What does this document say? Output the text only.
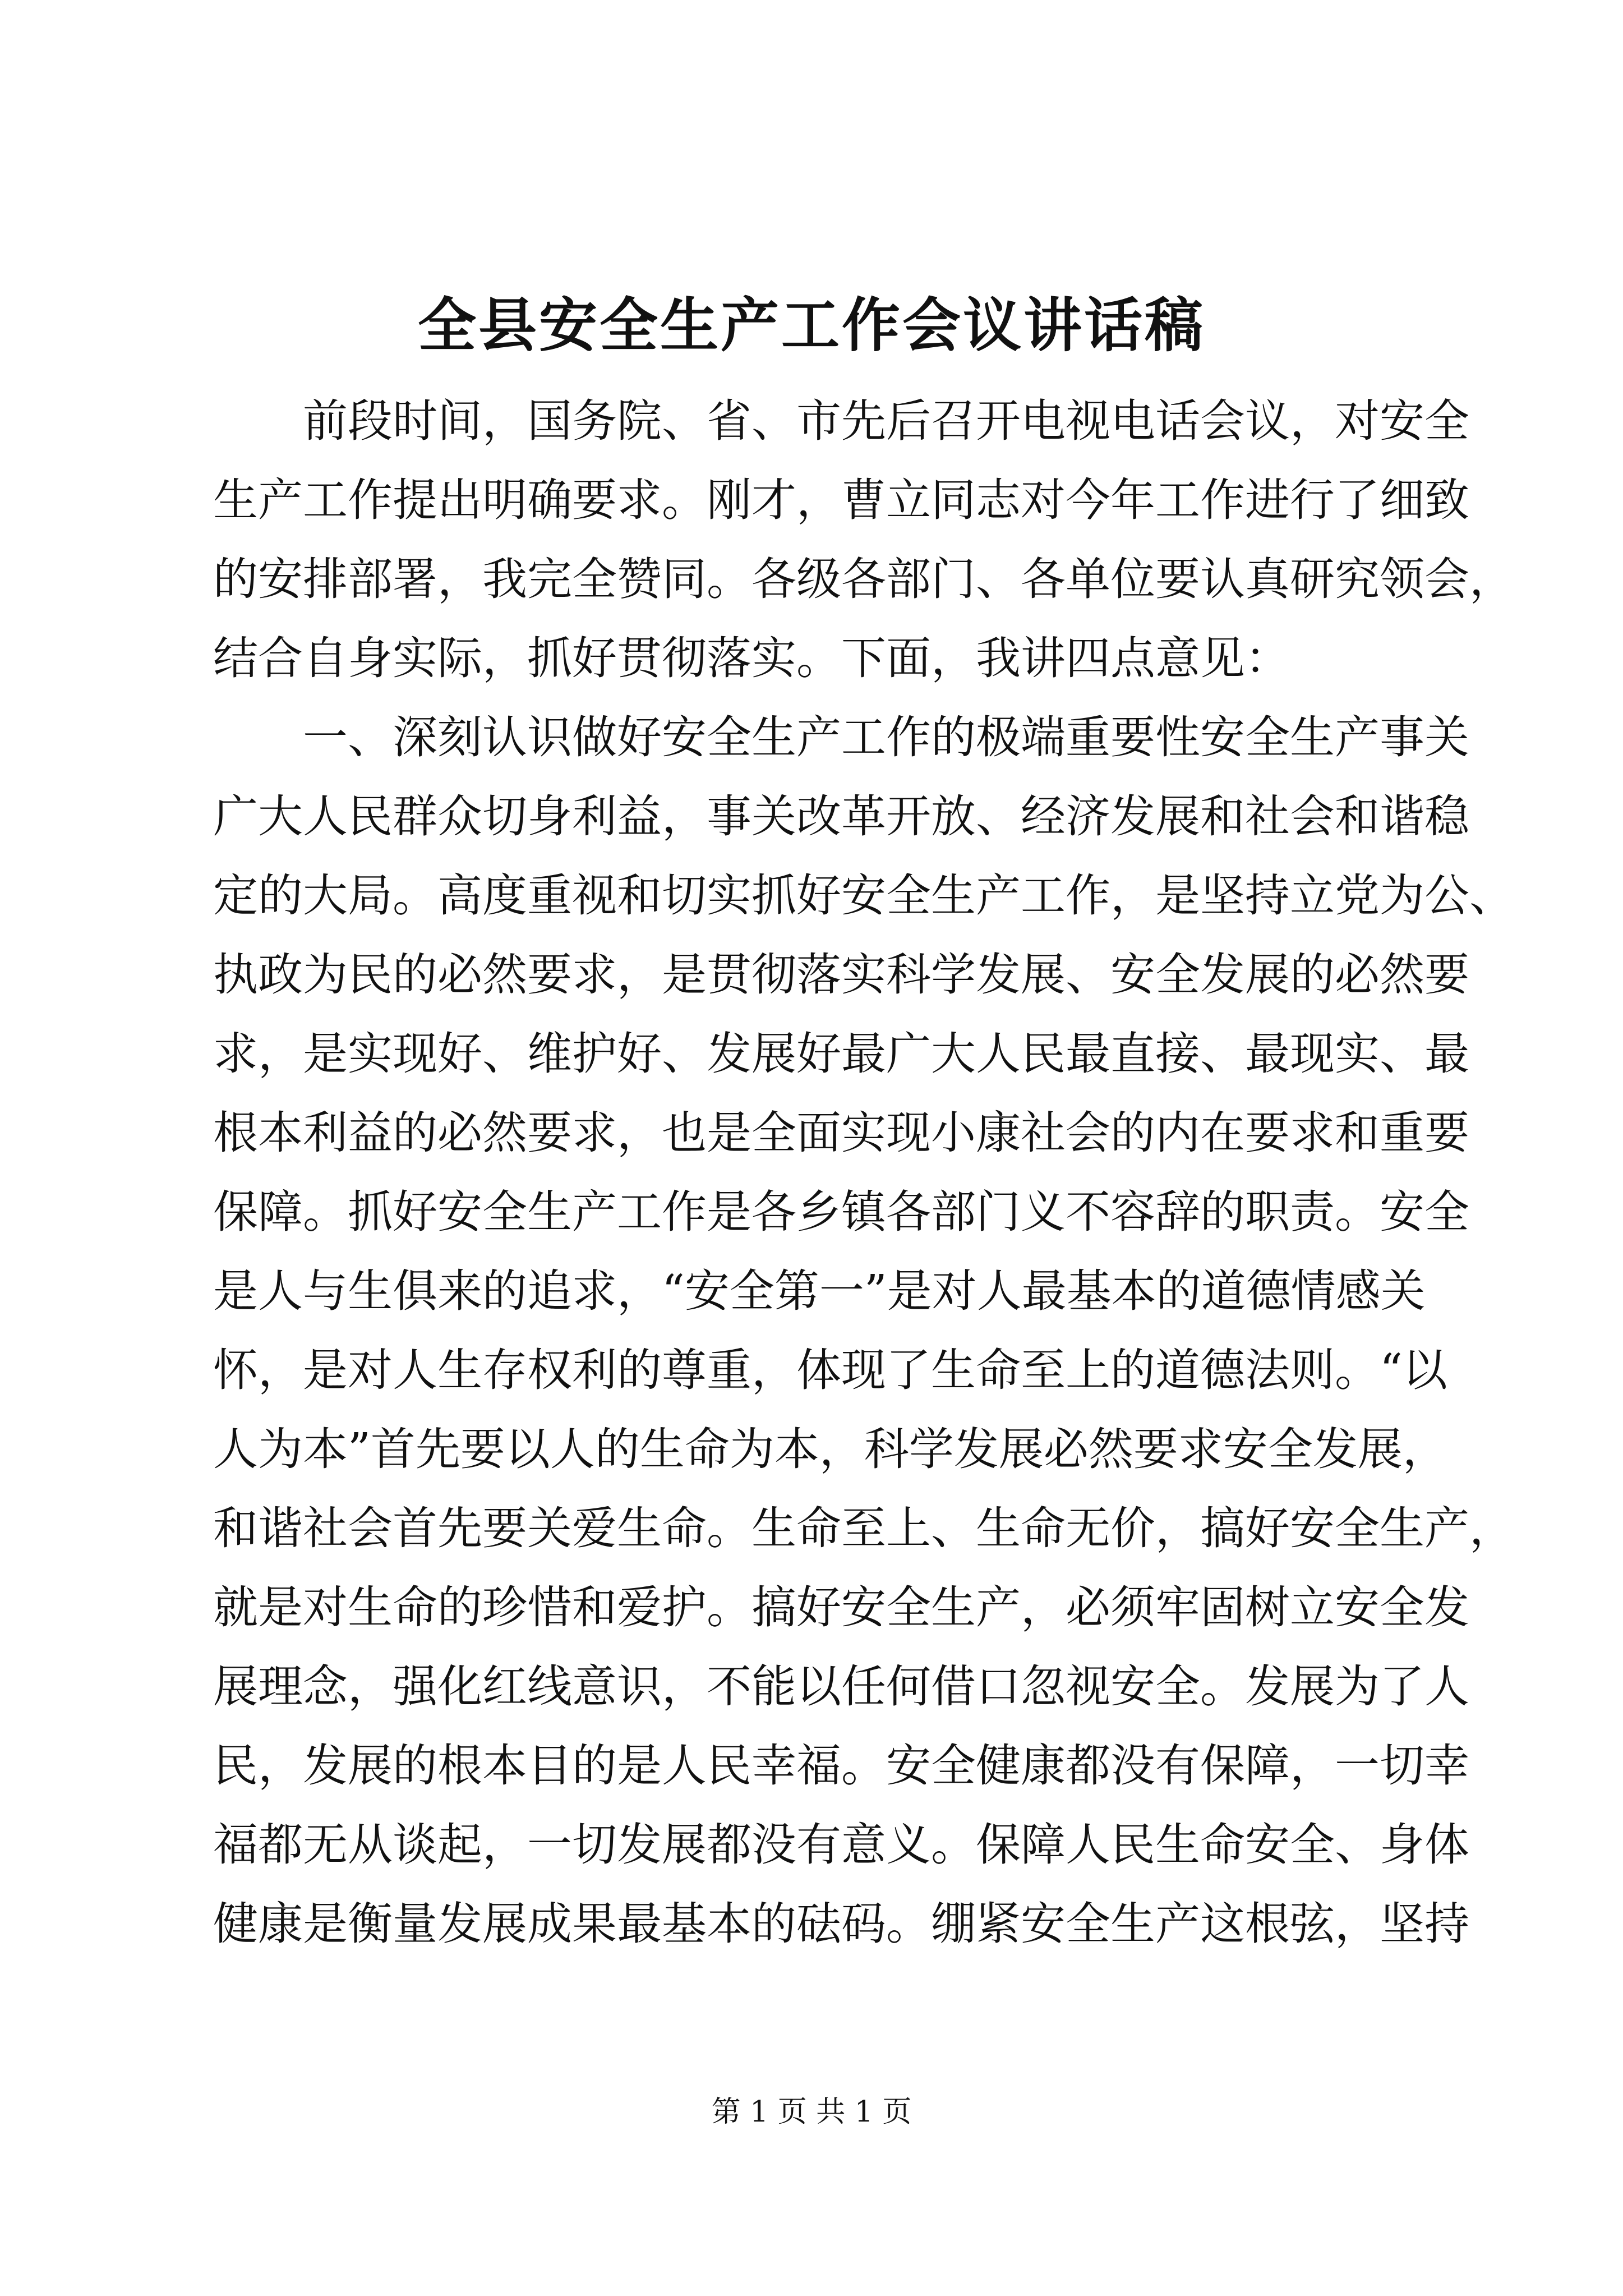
全县安全生产工作会议讲话稿
　　前段时间，国务院、省、市先后召开电视电话会议，对安全
生产工作提出明确要求。刚才，曹立同志对今年工作进行了细致
的安排部署，我完全赞同。各级各部门、各单位要认真研究领会，
结合自身实际，抓好贯彻落实。下面，我讲四点意见：
　　一、深刻认识做好安全生产工作的极端重要性安全生产事关
广大人民群众切身利益，事关改革开放、经济发展和社会和谐稳
定的大局。高度重视和切实抓好安全生产工作，是坚持立党为公、
执政为民的必然要求，是贯彻落实科学发展、安全发展的必然要
求，是实现好、维护好、发展好最广大人民最直接、最现实、最
根本利益的必然要求，也是全面实现小康社会的内在要求和重要
保障。抓好安全生产工作是各乡镇各部门义不容辞的职责。安全
是人与生俱来的追求，“安全第一”是对人最基本的道德情感关
怀，是对人生存权利的尊重，体现了生命至上的道德法则。“以
人为本”首先要以人的生命为本，科学发展必然要求安全发展，
和谐社会首先要关爱生命。生命至上、生命无价，搞好安全生产，
就是对生命的珍惜和爱护。搞好安全生产，必须牢固树立安全发
展理念，强化红线意识，不能以任何借口忽视安全。发展为了人
民，发展的根本目的是人民幸福。安全健康都没有保障，一切幸
福都无从谈起，一切发展都没有意义。保障人民生命安全、身体
健康是衡量发展成果最基本的砝码。绷紧安全生产这根弦，坚持
第 1 页 共 1 页
